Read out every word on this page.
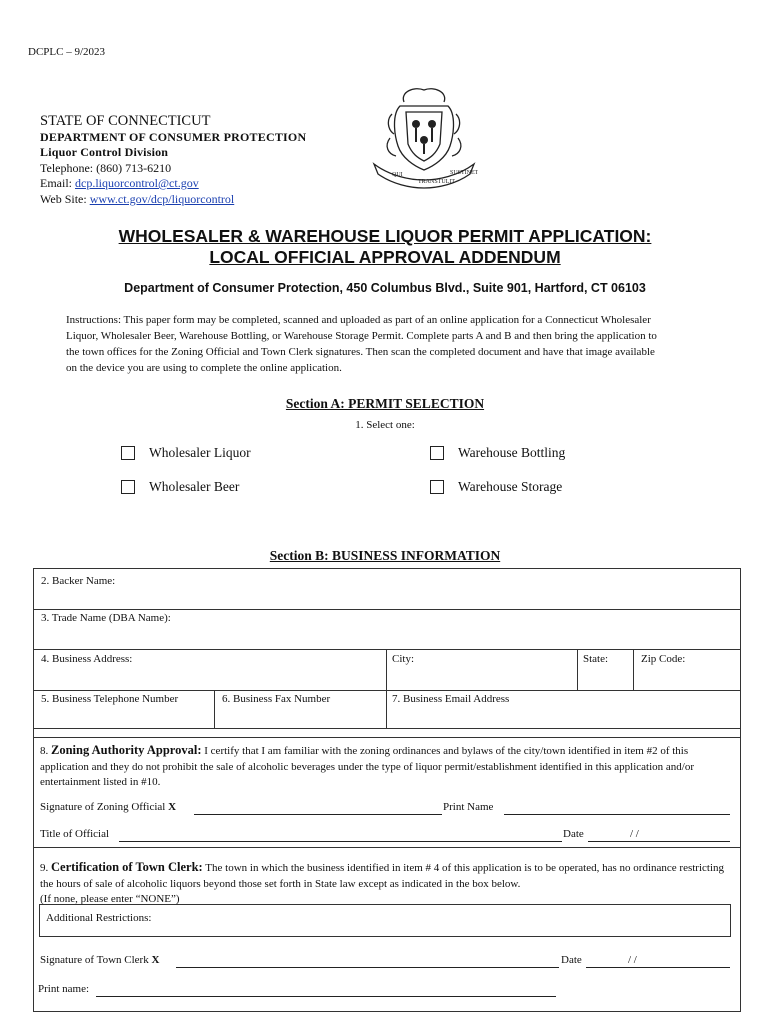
DCPLC – 9/2023
STATE OF CONNECTICUT
DEPARTMENT OF CONSUMER PROTECTION
Liquor Control Division
Telephone: (860) 713-6210
Email: dcp.liquorcontrol@ct.gov
Web Site: www.ct.gov/dcp/liquorcontrol
QUI
TRANSTULIT
SUSTINET
WHOLESALER & WAREHOUSE LIQUOR PERMIT APPLICATION:
LOCAL OFFICIAL APPROVAL ADDENDUM
Department of Consumer Protection, 450 Columbus Blvd., Suite 901, Hartford, CT 06103
Instructions: This paper form may be completed, scanned and uploaded as part of an online application for a Connecticut Wholesaler Liquor, Wholesaler Beer, Warehouse Bottling, or Warehouse Storage Permit. Complete parts A and B and then bring the application to the town offices for the Zoning Official and Town Clerk signatures. Then scan the completed document and have that image available on the device you are using to complete the online application.
Section A: PERMIT SELECTION
1. Select one:
Wholesaler Liquor	Warehouse Bottling
Wholesaler Beer	Warehouse Storage
Section B: BUSINESS INFORMATION
2. Backer Name:
3. Trade Name (DBA Name):
4. Business Address:	City:	State:	Zip Code:
5. Business Telephone Number	6. Business Fax Number	7. Business Email Address
8. Zoning Authority Approval: I certify that I am familiar with the zoning ordinances and bylaws of the city/town identified in item #2 of this application and they do not prohibit the sale of alcoholic beverages under the type of liquor permit/establishment identified in this application and/or entertainment listed in #10.
Signature of Zoning Official X	Print Name
Title of Official	Date	/ /
9. Certification of Town Clerk: The town in which the business identified in item # 4 of this application is to be operated, has no ordinance restricting the hours of sale of alcoholic liquors beyond those set forth in State law except as indicated in the box below.
(If none, please enter “NONE”)
Additional Restrictions:
Signature of Town Clerk X	Date	/ /
Print name:
